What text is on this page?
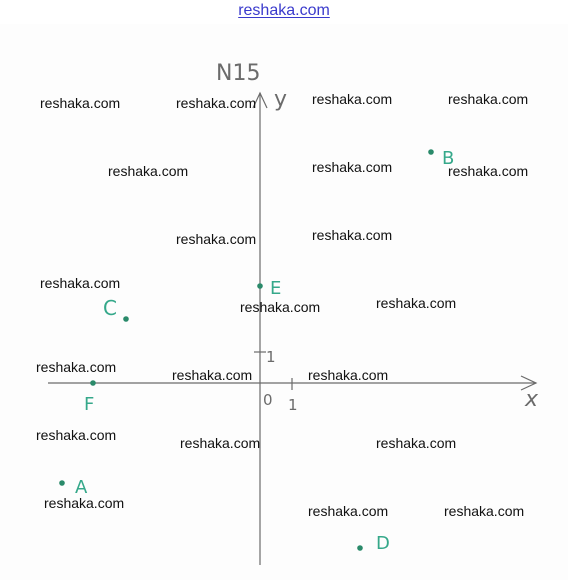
reshaka.com
N15
y
x
0 1
1
A
B
C
D
E
F
reshaka.com	reshaka.com	reshaka.com	reshaka.com
reshaka.com	reshaka.com	reshaka.com
reshaka.com	reshaka.com
reshaka.com
reshaka.com	reshaka.com
reshaka.com	reshaka.com	reshaka.com
reshaka.com	reshaka.com	reshaka.com
reshaka.com	reshaka.com	reshaka.com
